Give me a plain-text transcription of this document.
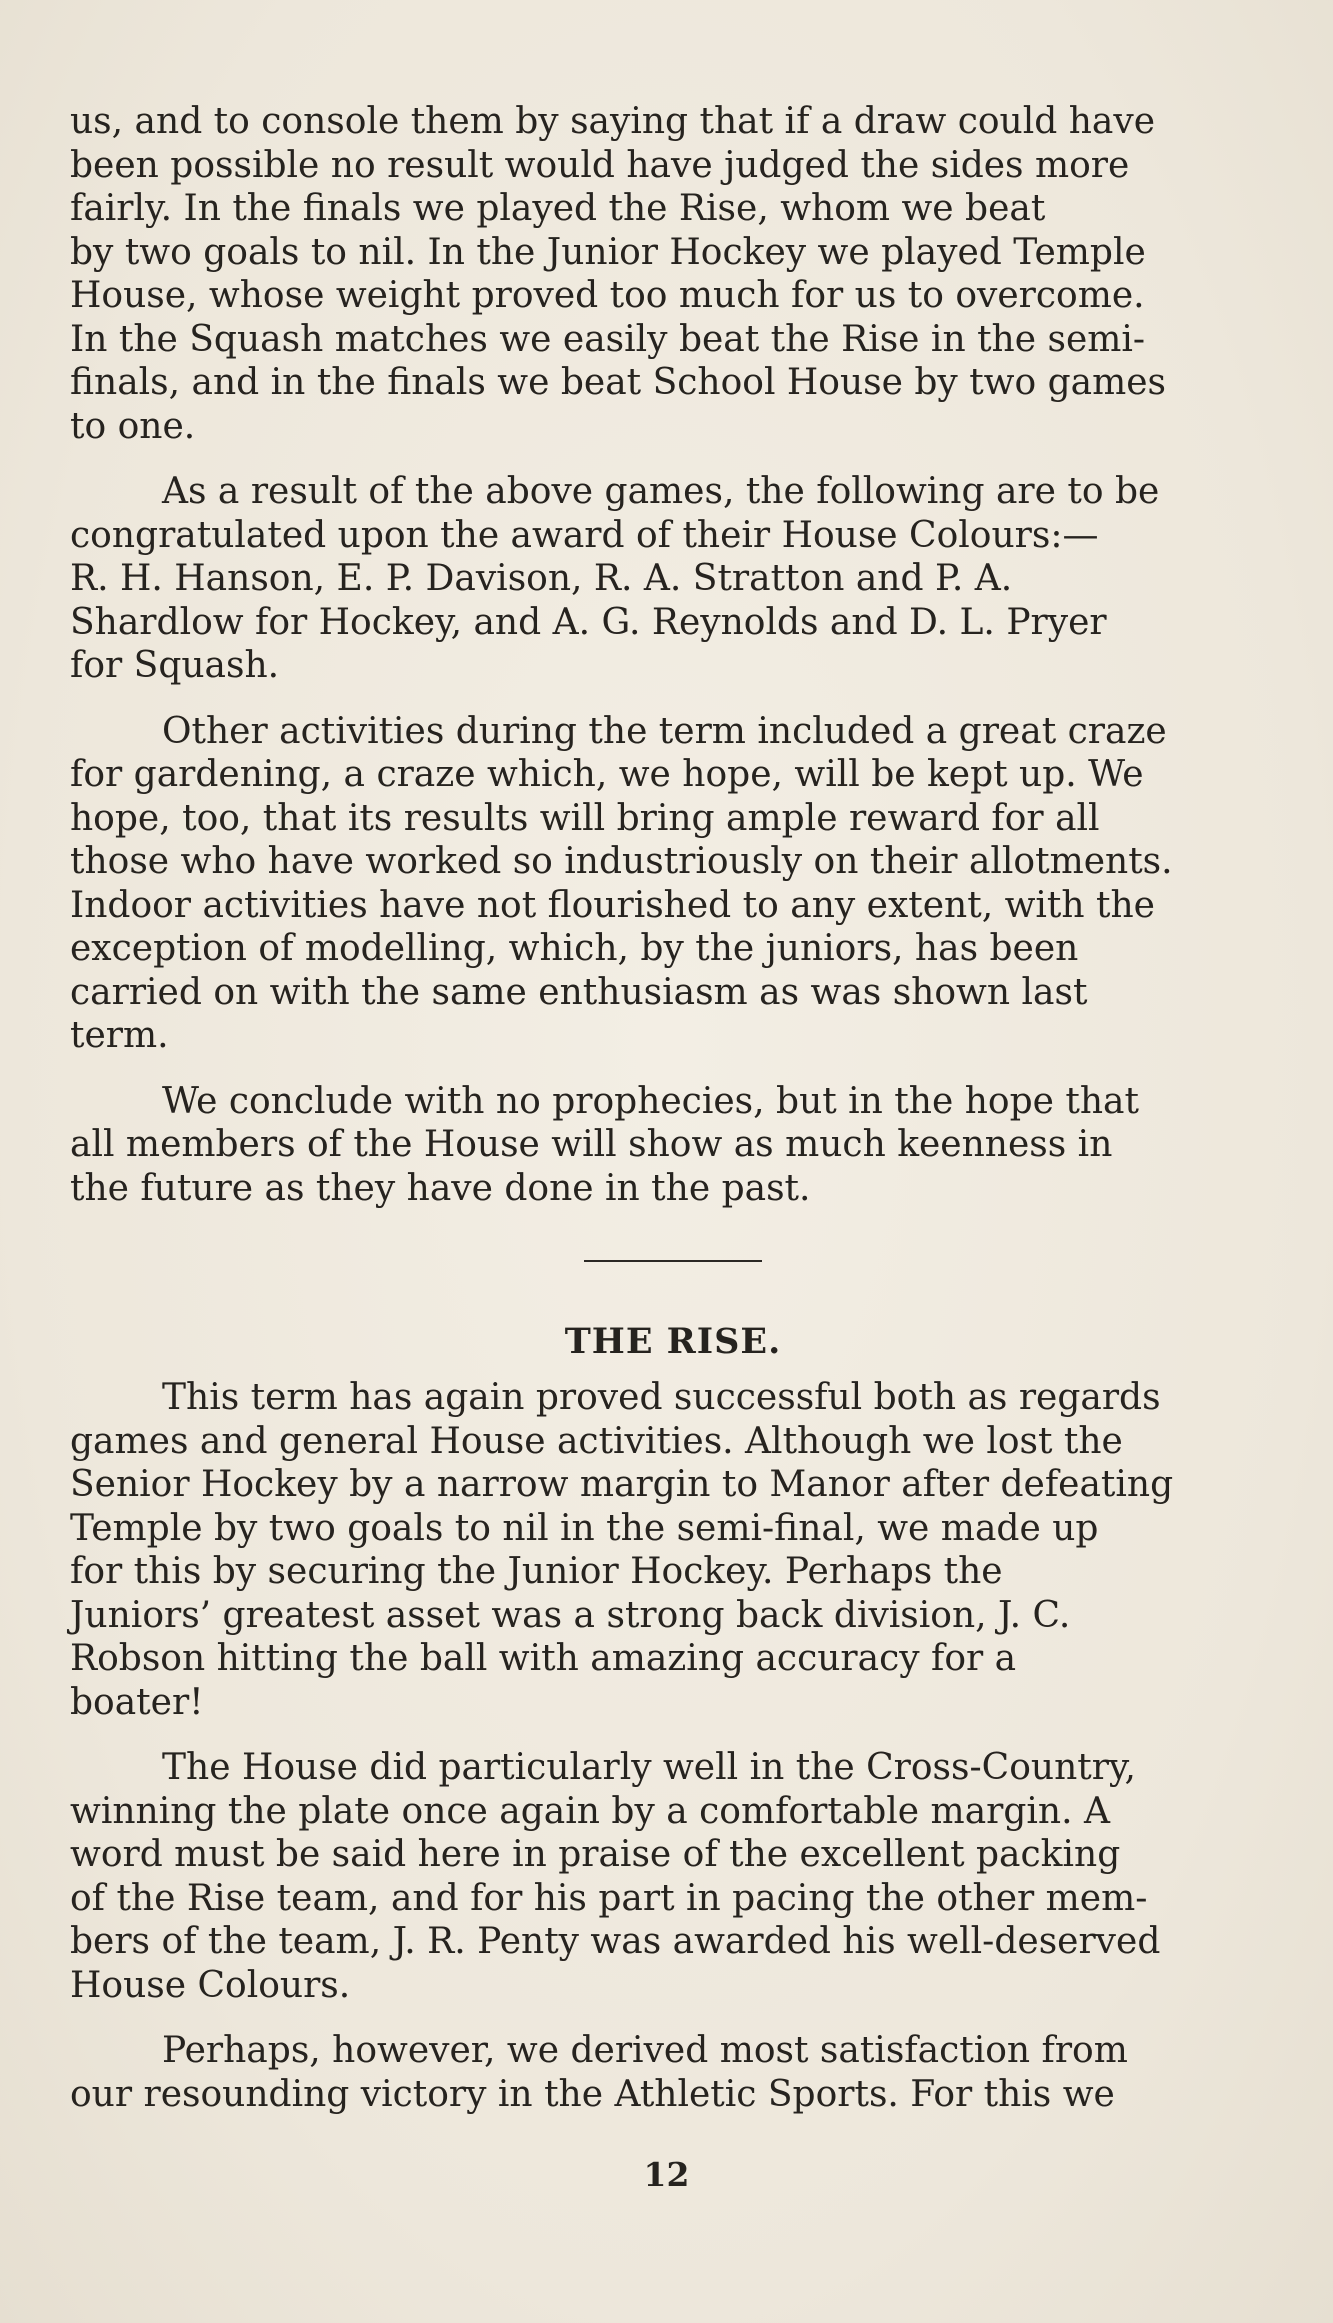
us, and to console them by saying that if a draw could have
been possible no result would have judged the sides more
fairly. In the finals we played the Rise, whom we beat
by two goals to nil. In the Junior Hockey we played Temple
House, whose weight proved too much for us to overcome.
In the Squash matches we easily beat the Rise in the semi-
finals, and in the finals we beat School House by two games
to one.

As a result of the above games, the following are to be
congratulated upon the award of their House Colours:—
R. H. Hanson, E. P. Davison, R. A. Stratton and P. A.
Shardlow for Hockey, and A. G. Reynolds and D. L. Pryer
for Squash.

Other activities during the term included a great craze
for gardening, a craze which, we hope, will be kept up. We
hope, too, that its results will bring ample reward for all
those who have worked so industriously on their allotments.
Indoor activities have not flourished to any extent, with the
exception of modelling, which, by the juniors, has been
carried on with the same enthusiasm as was shown last
term.

We conclude with no prophecies, but in the hope that
all members of the House will show as much keenness in
the future as they have done in the past.

THE RISE.

This term has again proved successful both as regards
games and general House activities. Although we lost the
Senior Hockey by a narrow margin to Manor after defeating
Temple by two goals to nil in the semi-final, we made up
for this by securing the Junior Hockey. Perhaps the
Juniors’ greatest asset was a strong back division, J. C.
Robson hitting the ball with amazing accuracy for a
boater!

The House did particularly well in the Cross-Country,
winning the plate once again by a comfortable margin. A
word must be said here in praise of the excellent packing
of the Rise team, and for his part in pacing the other mem-
bers of the team, J. R. Penty was awarded his well-deserved
House Colours.

Perhaps, however, we derived most satisfaction from
our resounding victory in the Athletic Sports. For this we

12
